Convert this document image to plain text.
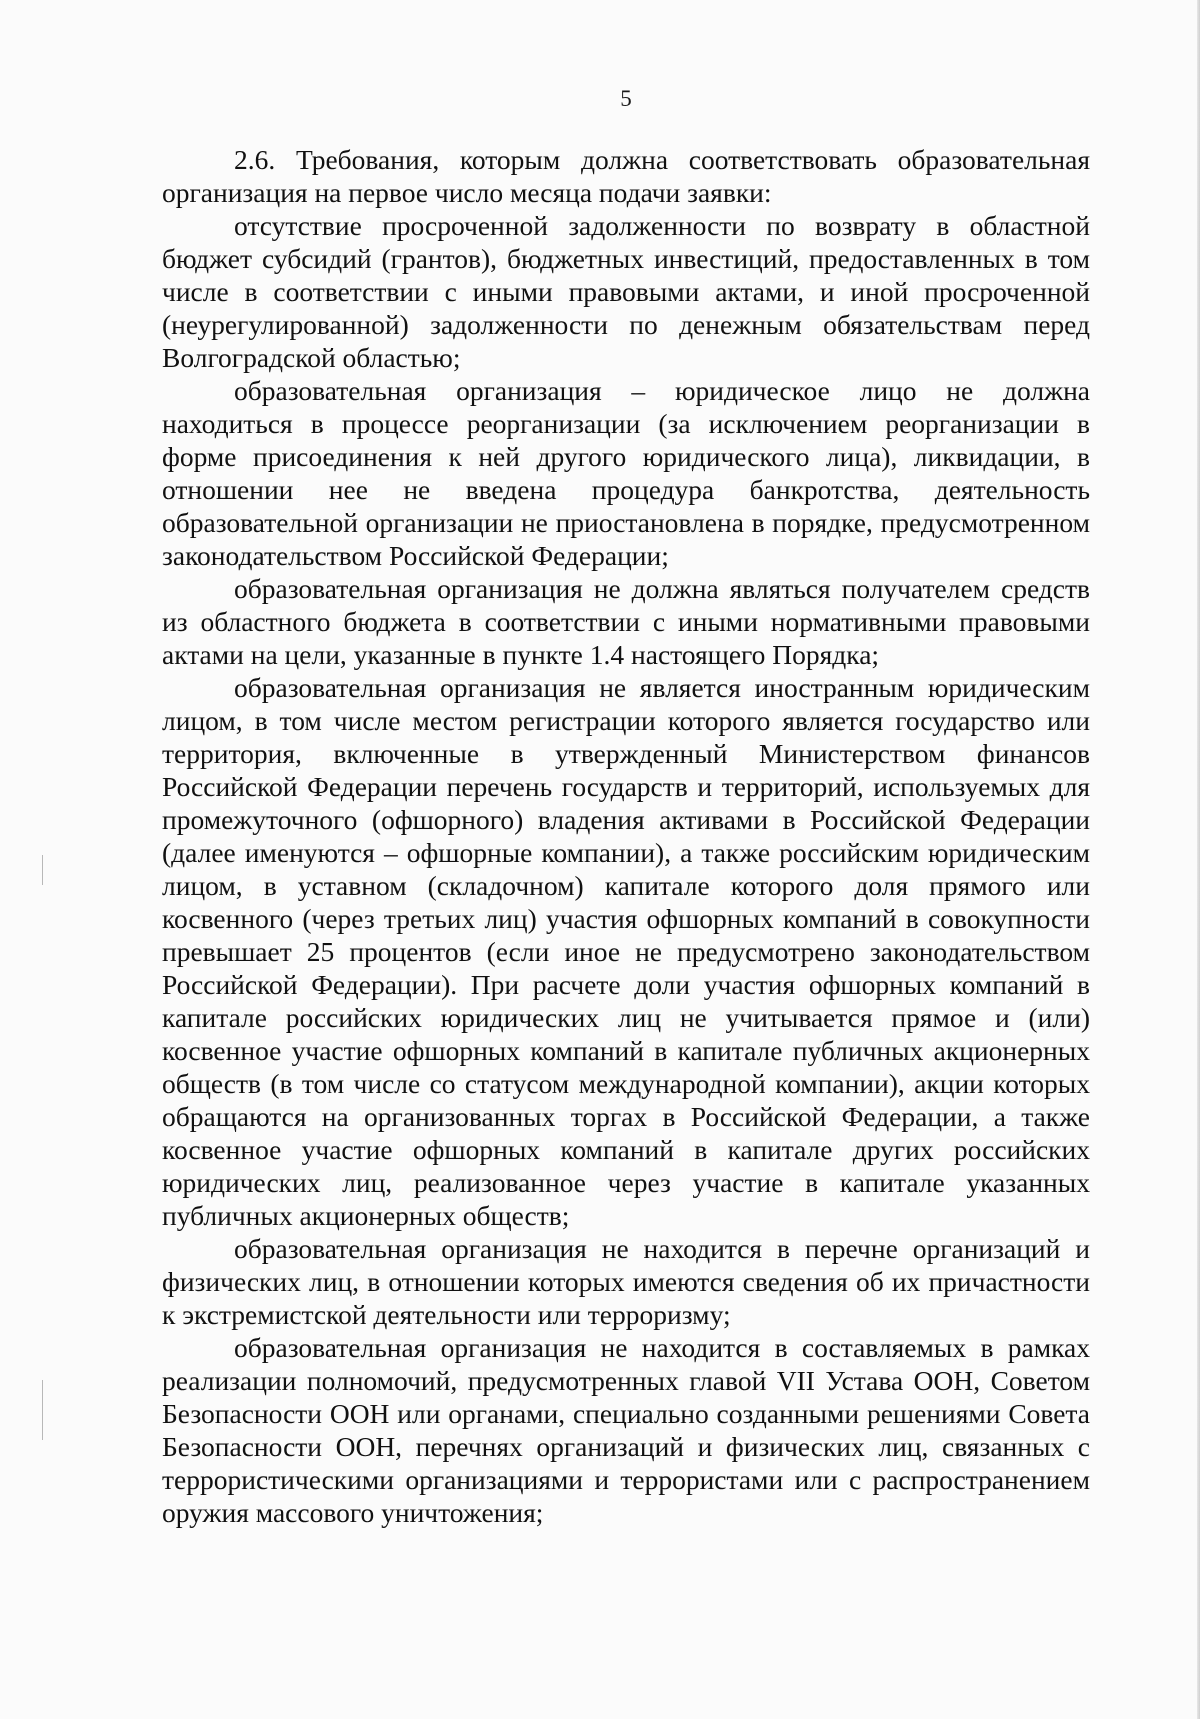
5

2.6. Требования, которым должна соответствовать образовательная организация на первое число месяца подачи заявки:

отсутствие просроченной задолженности по возврату в областной бюджет субсидий (грантов), бюджетных инвестиций, предоставленных в том числе в соответствии с иными правовыми актами, и иной просроченной (неурегулированной) задолженности по денежным обязательствам перед Волгоградской областью;

образовательная организация – юридическое лицо не должна находиться в процессе реорганизации (за исключением реорганизации в форме присоединения к ней другого юридического лица), ликвидации, в отношении нее не введена процедура банкротства, деятельность образовательной организации не приостановлена в порядке, предусмотренном законодательством Российской Федерации;

образовательная организация не должна являться получателем средств из областного бюджета в соответствии с иными нормативными правовыми актами на цели, указанные в пункте 1.4 настоящего Порядка;

образовательная организация не является иностранным юридическим лицом, в том числе местом регистрации которого является государство или территория, включенные в утвержденный Министерством финансов Российской Федерации перечень государств и территорий, используемых для промежуточного (офшорного) владения активами в Российской Федерации (далее именуются – офшорные компании), а также российским юридическим лицом, в уставном (складочном) капитале которого доля прямого или косвенного (через третьих лиц) участия офшорных компаний в совокупности превышает 25 процентов (если иное не предусмотрено законодательством Российской Федерации). При расчете доли участия офшорных компаний в капитале российских юридических лиц не учитывается прямое и (или) косвенное участие офшорных компаний в капитале публичных акционерных обществ (в том числе со статусом международной компании), акции которых обращаются на организованных торгах в Российской Федерации, а также косвенное участие офшорных компаний в капитале других российских юридических лиц, реализованное через участие в капитале указанных публичных акционерных обществ;

образовательная организация не находится в перечне организаций и физических лиц, в отношении которых имеются сведения об их причастности к экстремистской деятельности или терроризму;

образовательная организация не находится в составляемых в рамках реализации полномочий, предусмотренных главой VII Устава ООН, Советом Безопасности ООН или органами, специально созданными решениями Совета Безопасности ООН, перечнях организаций и физических лиц, связанных с террористическими организациями и террористами или с распространением оружия массового уничтожения;
